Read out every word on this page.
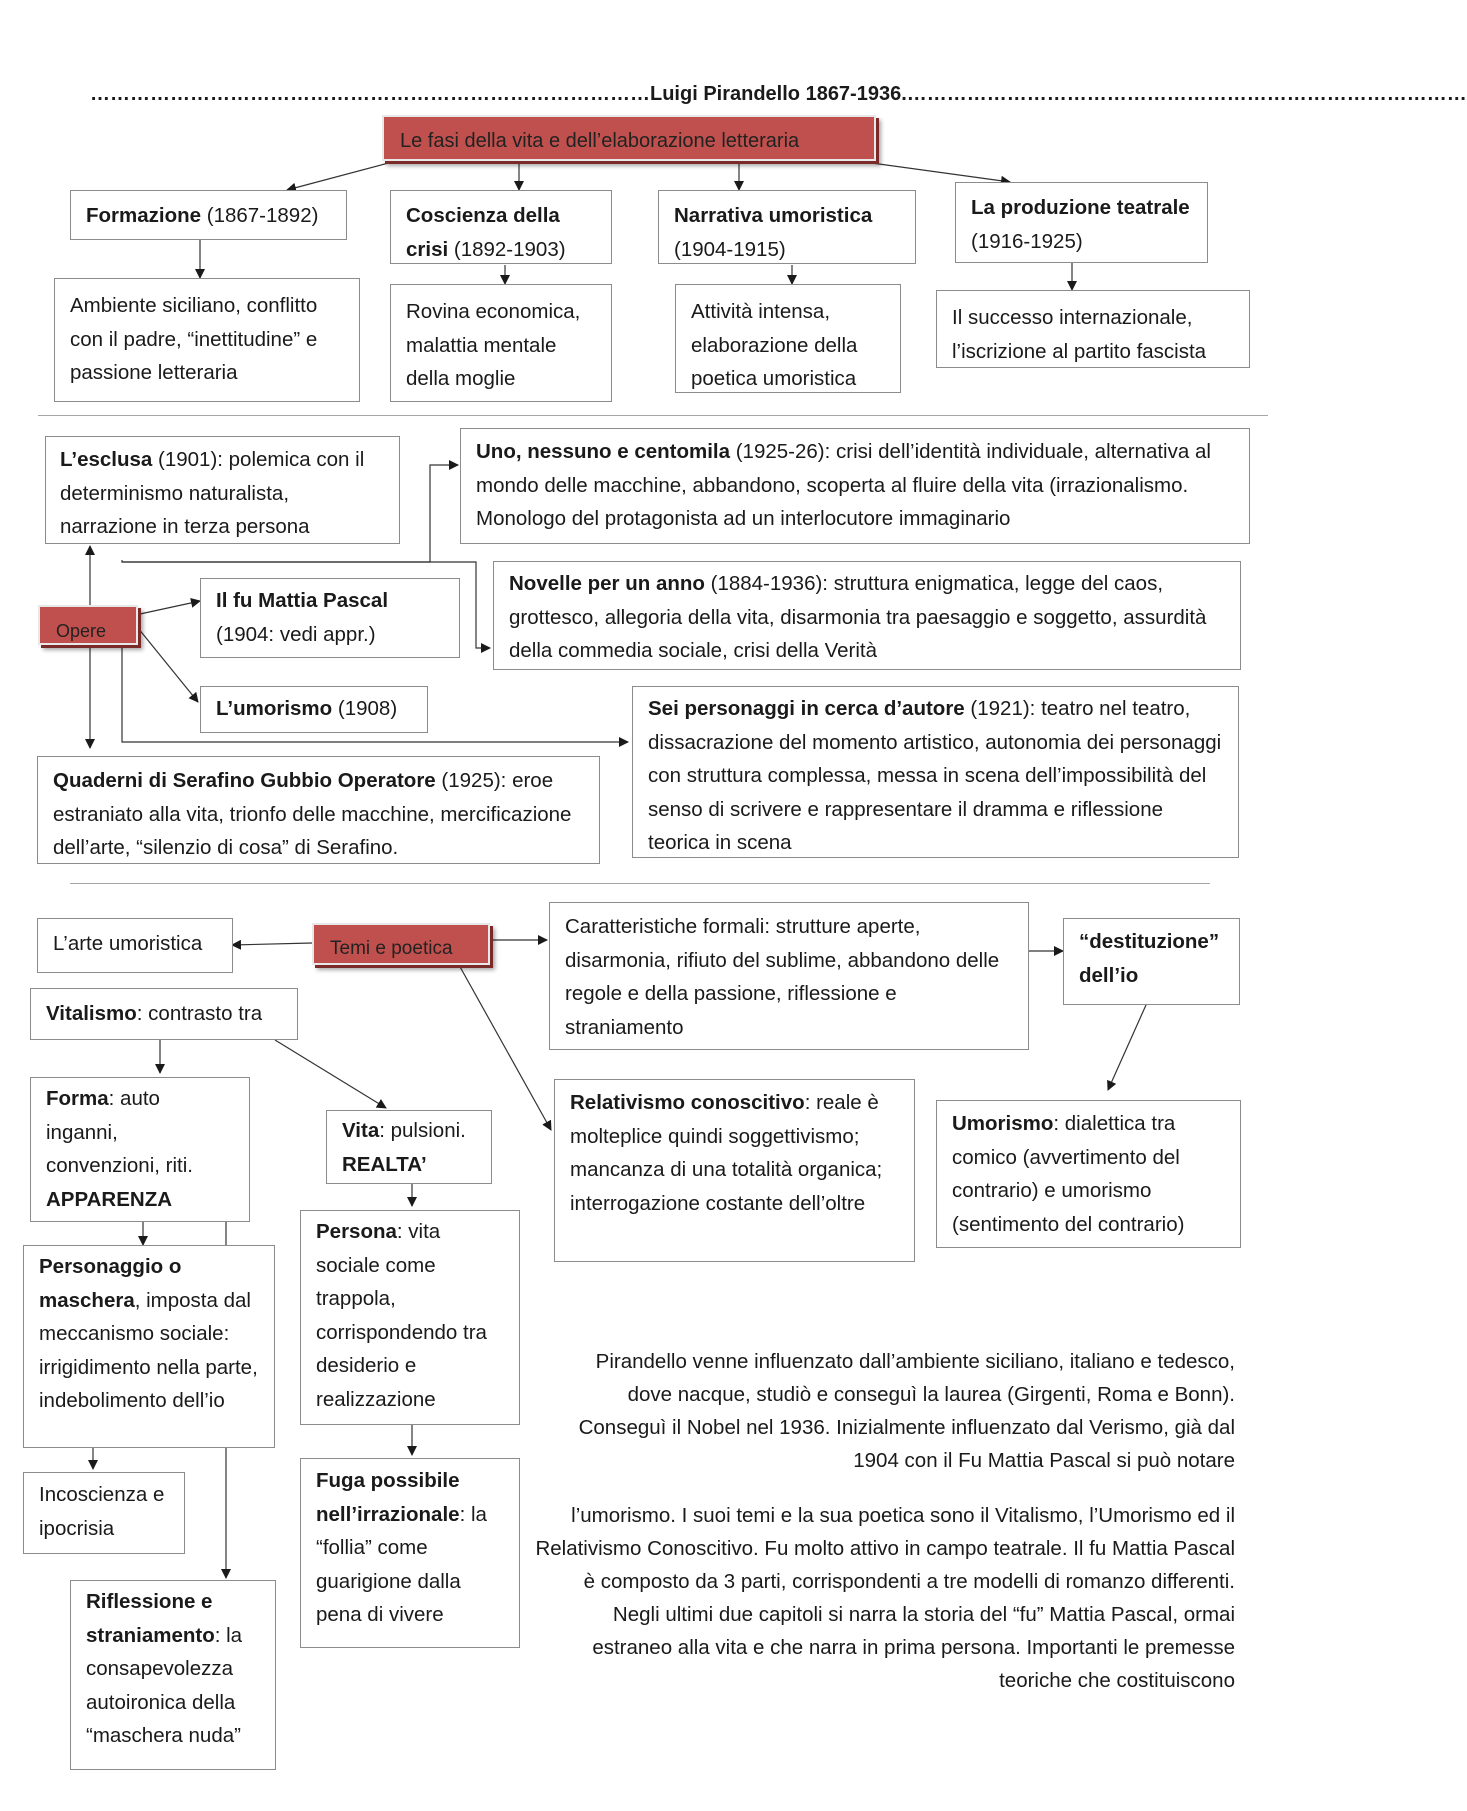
…………………………………………………………………………Luigi Pirandello 1867-1936.…………………………………………………………………………
Le fasi della vita e dell’elaborazione letteraria
Formazione (1867-1892)	Coscienza della crisi (1892-1903)
Narrativa umoristica (1904-1915)
La produzione teatrale (1916-1925)
Ambiente siciliano, conflitto con il padre, “inettitudine” e passione letteraria
Rovina economica, malattia mentale della moglie
Attività intensa, elaborazione della poetica umoristica
Il successo internazionale, l’iscrizione al partito fascista
Opere
L’esclusa (1901): polemica con il determinismo naturalista, narrazione in terza persona
Uno, nessuno e centomila (1925-26): crisi dell’identità individuale, alternativa al mondo delle macchine, abbandono, scoperta al fluire della vita (irrazionalismo. Monologo del protagonista ad un interlocutore immaginario
Il fu Mattia Pascal
(1904: vedi appr.)
Novelle per un anno (1884-1936): struttura enigmatica, legge del caos, grottesco, allegoria della vita, disarmonia tra paesaggio e soggetto, assurdità della commedia sociale, crisi della Verità
L’umorismo (1908)	Sei personaggi in cerca d’autore (1921): teatro nel teatro, dissacrazione del momento artistico, autonomia dei personaggi con struttura complessa, messa in scena dell’impossibilità del senso di scrivere e rappresentare il dramma e riflessione teorica in scena
Quaderni di Serafino Gubbio Operatore (1925): eroe estraniato alla vita, trionfo delle macchine, mercificazione dell’arte, “silenzio di cosa” di Serafino.
Temi e poetica
L’arte umoristica
Vitalismo: contrasto tra
Caratteristiche formali: strutture aperte, disarmonia, rifiuto del sublime, abbandono delle regole e della passione, riflessione e straniamento
“destituzione” dell’io
Forma: auto inganni, convenzioni, riti. APPARENZA
Vita: pulsioni. REALTA’
Relativismo conoscitivo: reale è molteplice quindi soggettivismo; mancanza di una totalità organica; interrogazione costante dell’oltre
Umorismo: dialettica tra comico (avvertimento del contrario) e umorismo (sentimento del contrario)
Personaggio o maschera, imposta dal meccanismo sociale: irrigidimento nella parte, indebolimento dell’io
Persona: vita sociale come trappola, corrispondendo tra desiderio e realizzazione
Incoscienza e ipocrisia
Fuga possibile nell’irrazionale: la “follia” come guarigione dalla pena di vivere
Riflessione e straniamento: la consapevolezza autoironica della “maschera nuda”

Pirandello venne influenzato dall’ambiente siciliano, italiano e tedesco, dove nacque, studiò e conseguì la laurea (Girgenti, Roma e Bonn). Conseguì il Nobel nel 1936. Inizialmente influenzato dal Verismo, già dal 1904 con il Fu Mattia Pascal si può notare

l’umorismo. I suoi temi e la sua poetica sono il Vitalismo, l’Umorismo ed il Relativismo Conoscitivo. Fu molto attivo in campo teatrale. Il fu Mattia Pascal è composto da 3 parti, corrispondenti a tre modelli di romanzo differenti. Negli ultimi due capitoli si narra la storia del “fu” Mattia Pascal, ormai estraneo alla vita e che narra in prima persona. Importanti le premesse teoriche che costituiscono
